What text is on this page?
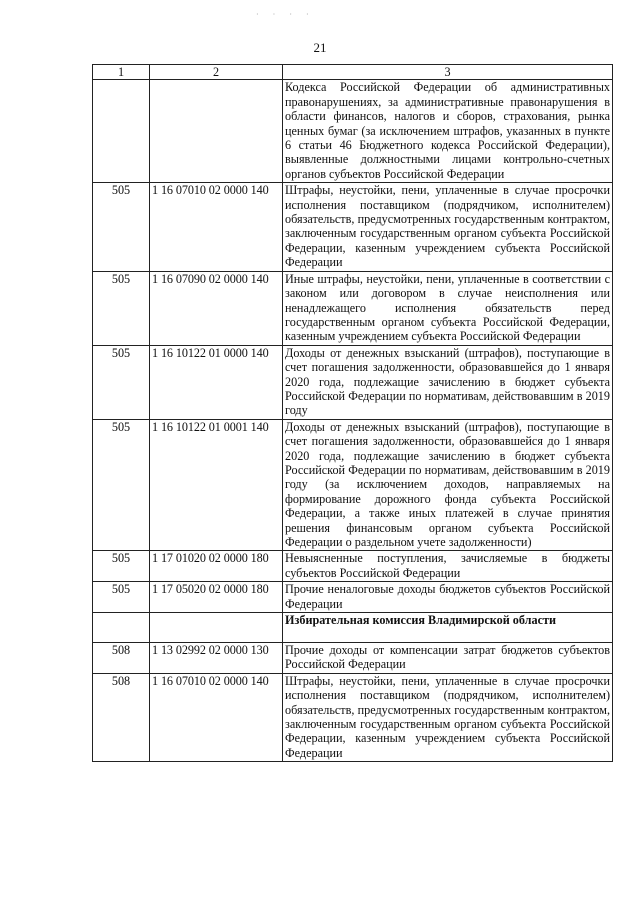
· · · ·
21
1	2	3
		Кодекса Российской Федерации об административных правонарушениях, за административные правонарушения в области финансов, налогов и сборов, страхования, рынка ценных бумаг (за исключением штрафов, указанных в пункте 6 статьи 46 Бюджетного кодекса Российской Федерации), выявленные должностными лицами контрольно-счетных органов субъектов Российской Федерации
505	1 16 07010 02 0000 140	Штрафы, неустойки, пени, уплаченные в случае просрочки исполнения поставщиком (подрядчиком, исполнителем) обязательств, предусмотренных государственным контрактом, заключенным государственным органом субъекта Российской Федерации, казенным учреждением субъекта Российской Федерации
505	1 16 07090 02 0000 140	Иные штрафы, неустойки, пени, уплаченные в соответствии с законом или договором в случае неисполнения или ненадлежащего исполнения обязательств перед государственным органом субъекта Российской Федерации, казенным учреждением субъекта Российской Федерации
505	1 16 10122 01 0000 140	Доходы от денежных взысканий (штрафов), поступающие в счет погашения задолженности, образовавшейся до 1 января 2020 года, подлежащие зачислению в бюджет субъекта Российской Федерации по нормативам, действовавшим в 2019 году
505	1 16 10122 01 0001 140	Доходы от денежных взысканий (штрафов), поступающие в счет погашения задолженности, образовавшейся до 1 января 2020 года, подлежащие зачислению в бюджет субъекта Российской Федерации по нормативам, действовавшим в 2019 году (за исключением доходов, направляемых на формирование дорожного фонда субъекта Российской Федерации, а также иных платежей в случае принятия решения финансовым органом субъекта Российской Федерации о раздельном учете задолженности)
505	1 17 01020 02 0000 180	Невыясненные поступления, зачисляемые в бюджеты субъектов Российской Федерации
505	1 17 05020 02 0000 180	Прочие неналоговые доходы бюджетов субъектов Российской Федерации
		Избирательная комиссия Владимирской области
508	1 13 02992 02 0000 130	Прочие доходы от компенсации затрат бюджетов субъектов Российской Федерации
508	1 16 07010 02 0000 140	Штрафы, неустойки, пени, уплаченные в случае просрочки исполнения поставщиком (подрядчиком, исполнителем) обязательств, предусмотренных государственным контрактом, заключенным государственным органом субъекта Российской Федерации, казенным учреждением субъекта Российской Федерации
